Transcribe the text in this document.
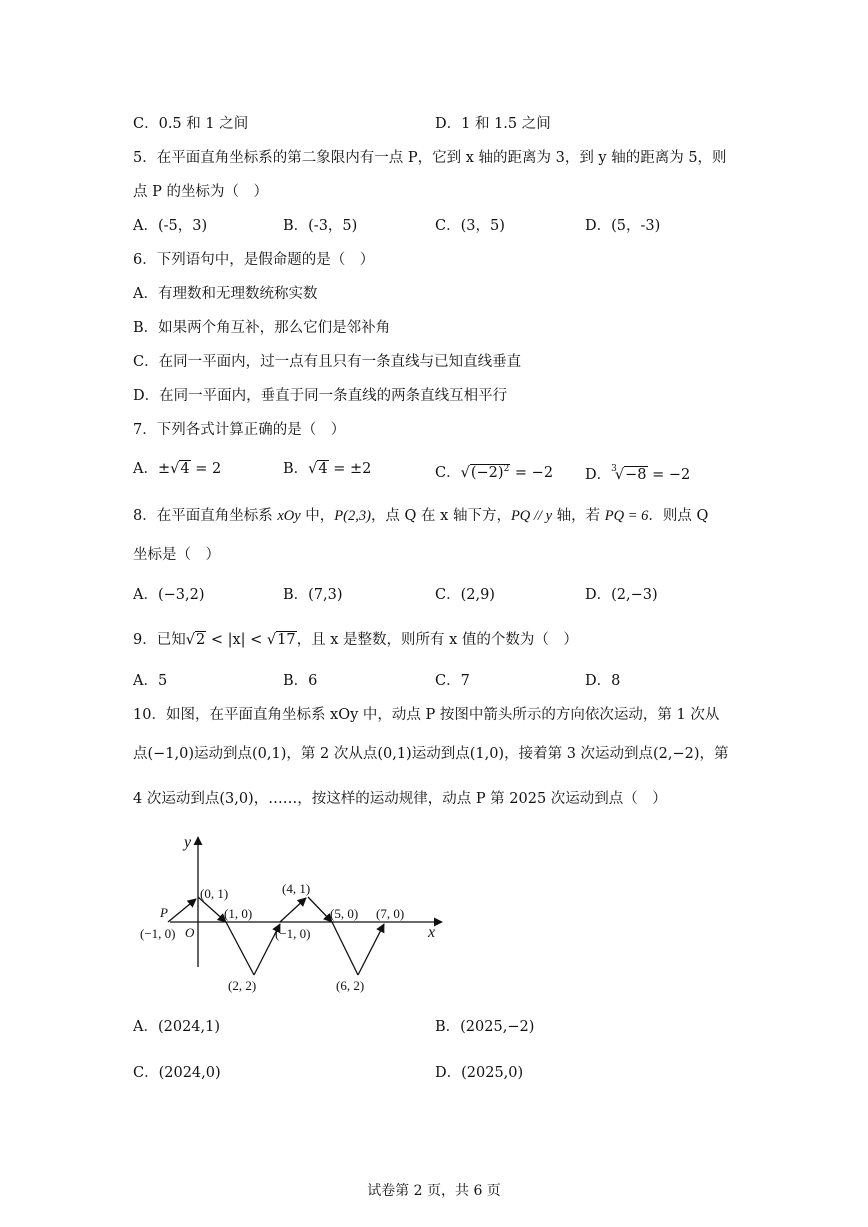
C．0.5 和 1 之间	D．1 和 1.5 之间
5．在平面直角坐标系的第二象限内有一点 P，它到 x 轴的距离为 3，到 y 轴的距离为 5，则
点 P 的坐标为（　）
A．(-5，3)	B．(-3，5)	C．(3，5)	D．(5，-3)
6．下列语句中，是假命题的是（　）
A．有理数和无理数统称实数
B．如果两个角互补，那么它们是邻补角
C．在同一平面内，过一点有且只有一条直线与已知直线垂直
D．在同一平面内，垂直于同一条直线的两条直线互相平行
7．下列各式计算正确的是（　）
A．±√4 = 2	B．√4 = ±2	C．$√(-2)^2 = -2$ D．$^3$√−8 = −2
8．在平面直角坐标系 xOy 中，P(2,3)，点 Q 在 x 轴下方，PQ // y 轴，若 PQ = 6．则点 Q
坐标是（　）
A．(−3,2)	B．(7,3)	C．(2,9)	D．(2,−3)
9．已知√2 < |x| < √17，且 x 是整数，则所有 x 值的个数为（　）
A．5	B．6	C．7	D．8
10．如图，在平面直角坐标系 xOy 中，动点 P 按图中箭头所示的方向依次运动，第 1 次从
点(−1,0)运动到点(0,1)，第 2 次从点(0,1)运动到点(1,0)，接着第 3 次运动到点(2,−2)，第
4 次运动到点(3,0)，……，按这样的运动规律，动点 P 第 2025 次运动到点（　）
y
x
O
P
(−1, 0)
(0, 1)
(1, 0)
(2, 2)
(4, 1)
(−1, 0)
(5, 0) (7, 0)
(6, 2)
A．(2024,1)	B．(2025,−2)
C．(2024,0)	D．(2025,0)
试卷第 2 页，共 6 页
